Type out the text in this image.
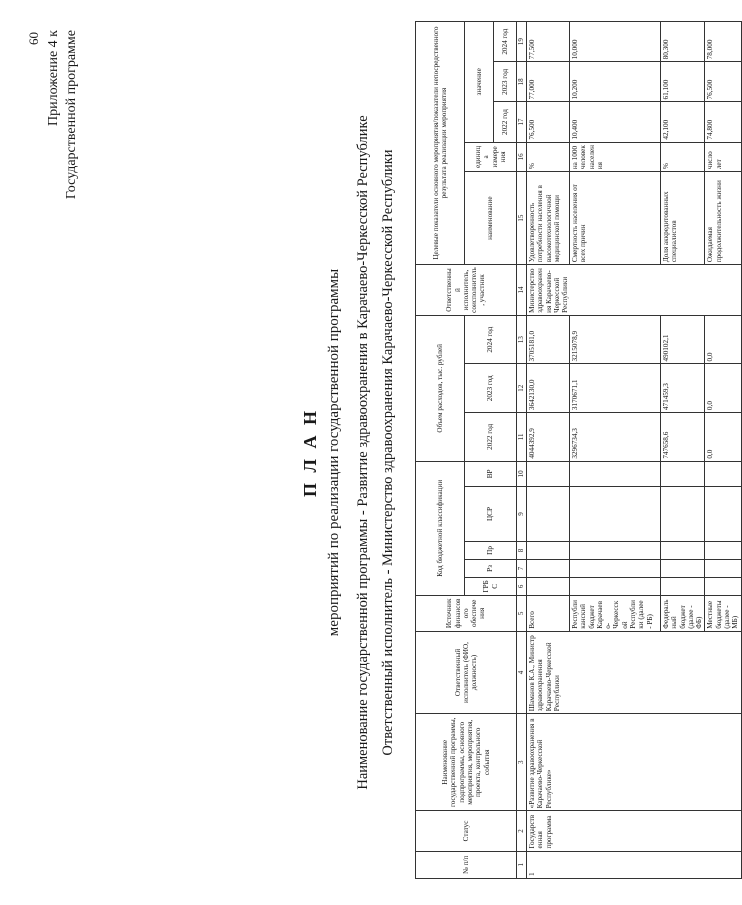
60 Приложение 4 к Государственной программе
П Л А Н мероприятий по реализации государственной программы Наименование государственной программы - Развитие здравоохранения в Карачаево-Черкесской Республике Ответственный исполнитель - Министерство здравоохранения Карачаево-Черкесской Республики
№ п/п	Статус	Наименование государственной программы, подпрограммы, основного мероприятия, мероприятия, проекта, контрольного события	Ответственный исполнитель (ФИО, должность)	Источник финансового обеспечения	Код бюджетной классификации					Объем расходов, тыс. рублей			Ответственный исполнитель, соисполнитель, участник	Целевые показатели основного мероприятия/показатели непосредственного результата реализации мероприятия				
					ГРБС	Рз	Пр	ЦСР	ВР	2022 год	2023 год	2024 год		наименование	единица измерения	значение		
																2022 год	2023 год	2024 год
1	2	3	4	5	6	7	8	9	10	11	12	13	14	15	16	17	18	19
1	Государственная программа	«Развитие здравоохранения в Карачаево-Черкесской Республике»	Шаманов К.А., Министр здравоохранения Карачаево-Черкесской Республики	Всего						4044392,9	3642130,0	3705181,0	Министерство здравоохранения Карачаево-Черкесской Республики	Удовлетворенность потребности населения в высокотехнологичной медицинской помощи	%	76,500	77,000	77,500
				Республиканский бюджет Карачаево-Черкесской Республики (далее - РБ)						3296734,3	3170671,1	3215078,9		Смертность населения от всех причин	на 1000 человек населения	10,400	10,200	10,000
				Федеральный бюджет (далее - ФБ)						747658,6	471459,3	490102,1		Доля аккредитованных специалистов	%	42,100	61,100	80,300
				Местные бюджеты (далее - МБ)						0,0	0,0	0,0		Ожидаемая продолжительность жизни	число лет	74,800	76,500	78,000
